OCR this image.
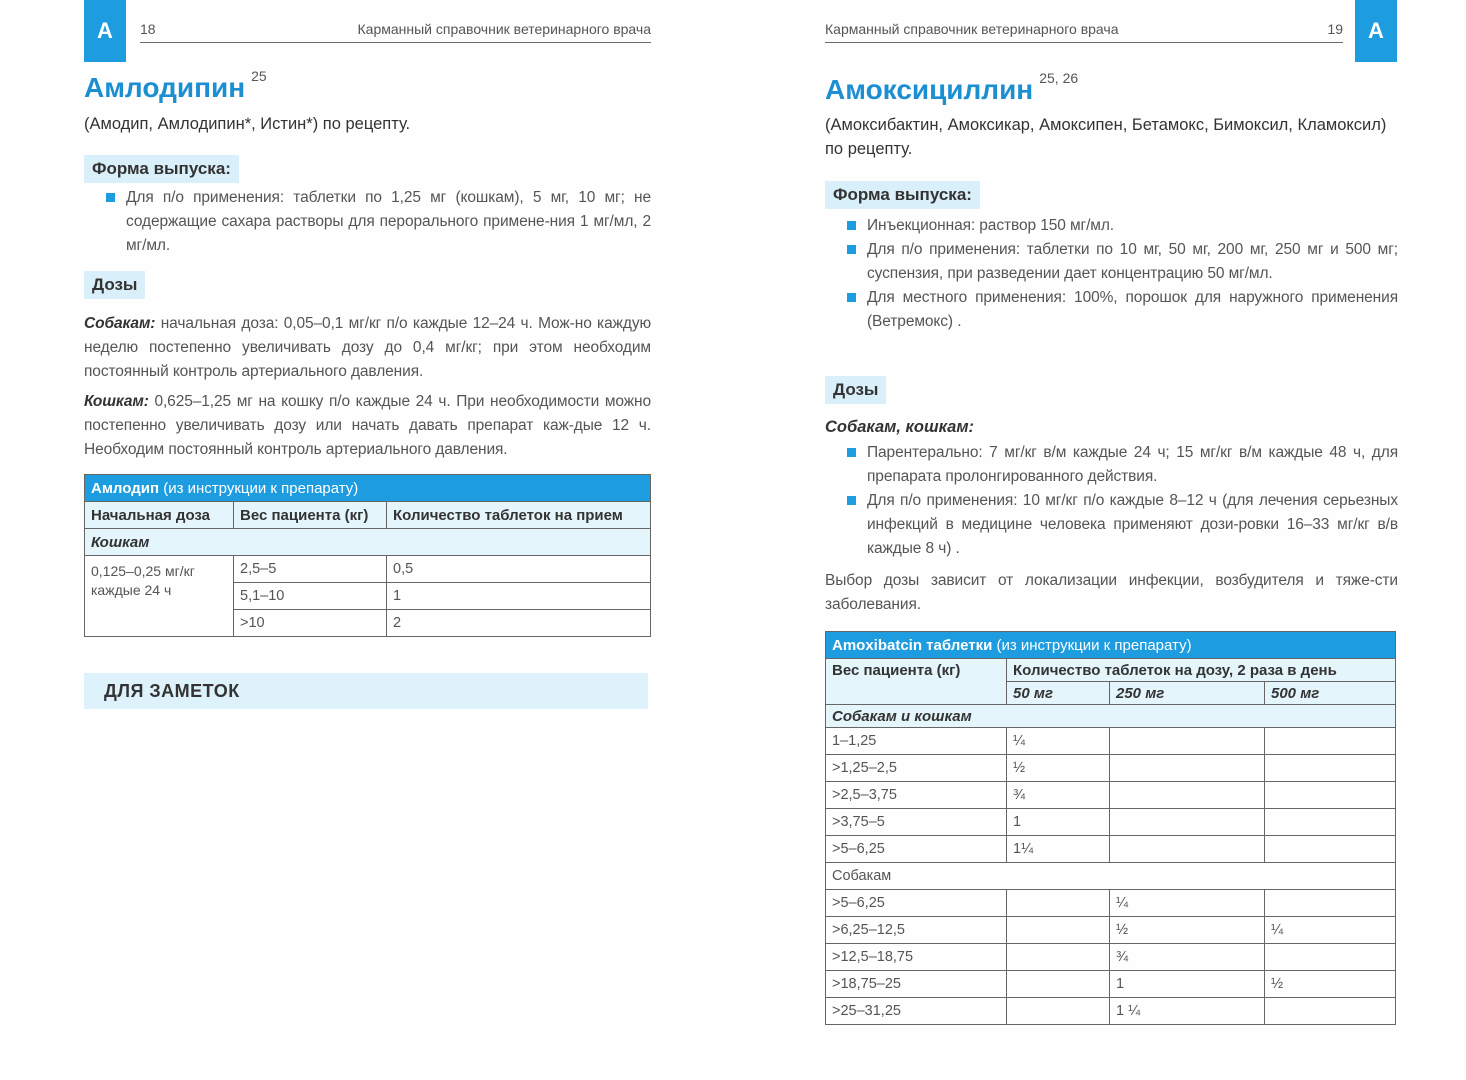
А	18	Карманный справочник ветеринарного врача
Амлодипин $^{25}$
(Амодип, Амлодипин*, Истин*) по рецепту.
Форма выпуска:
Для п/о применения: таблетки по 1,25 мг (кошкам), 5 мг, 10 мг; не содержащие сахара растворы для перорального примене-ния 1 мг/мл, 2 мг/мл.
Дозы

Собакам: начальная доза: 0,05–0,1 мг/кг п/о каждые 12–24 ч. Мож-но каждую неделю постепенно увеличивать дозу до 0,4 мг/кг; при этом необходим постоянный контроль артериального давления.

Кошкам: 0,625–1,25 мг на кошку п/о каждые 24 ч. При необходимости можно постепенно увеличивать дозу или начать давать препарат каж-дые 12 ч. Необходим постоянный контроль артериального давления.

Амлодип (из инструкции к препарату)		
Начальная доза	Вес пациента (кг)	Количество таблеток на прием
Кошкам		
0,125–0,25 мг/кг каждые 24 ч	2,5–5	0,5
	5,1–10	1
	>10	2
ДЛЯ ЗАМЕТОК
А
Карманный справочник ветеринарного врача	19
Амоксициллин $^{25, 26}$
(Амоксибактин, Амоксикар, Амоксипен, Бетамокс, Бимоксил, Кламоксил) по рецепту.
Форма выпуска:
Инъекционная: раствор 150 мг/мл.
Для п/о применения: таблетки по 10 мг, 50 мг, 200 мг, 250 мг и 500 мг; суспензия, при разведении дает концентрацию 50 мг/мл.
Для местного применения: 100%, порошок для наружного применения (Ветремокс) .
Дозы

Собакам, кошкам:

Парентерально: 7 мг/кг в/м каждые 24 ч; 15 мг/кг в/м каждые 48 ч, для препарата пролонгированного действия.
Для п/о применения: 10 мг/кг п/о каждые 8–12 ч (для лечения серьезных инфекций в медицине человека применяют дози-ровки 16–33 мг/кг в/в каждые 8 ч) .

Выбор дозы зависит от локализации инфекции, возбудителя и тяже-сти заболевания.

Amoxibatcin таблетки (из инструкции к препарату)			
Вес пациента (кг)	Количество таблеток на дозу, 2 раза в день		
	50 мг	250 мг	500 мг
Собакам и кошкам			
1–1,25	¼		
>1,25–2,5	½		
>2,5–3,75	¾		
>3,75–5	1		
>5–6,25	1¼		
Собакам			
>5–6,25		¼	
>6,25–12,5		½	¼
>12,5–18,75		¾	
>18,75–25		1	½
>25–31,25		1 ¼	
